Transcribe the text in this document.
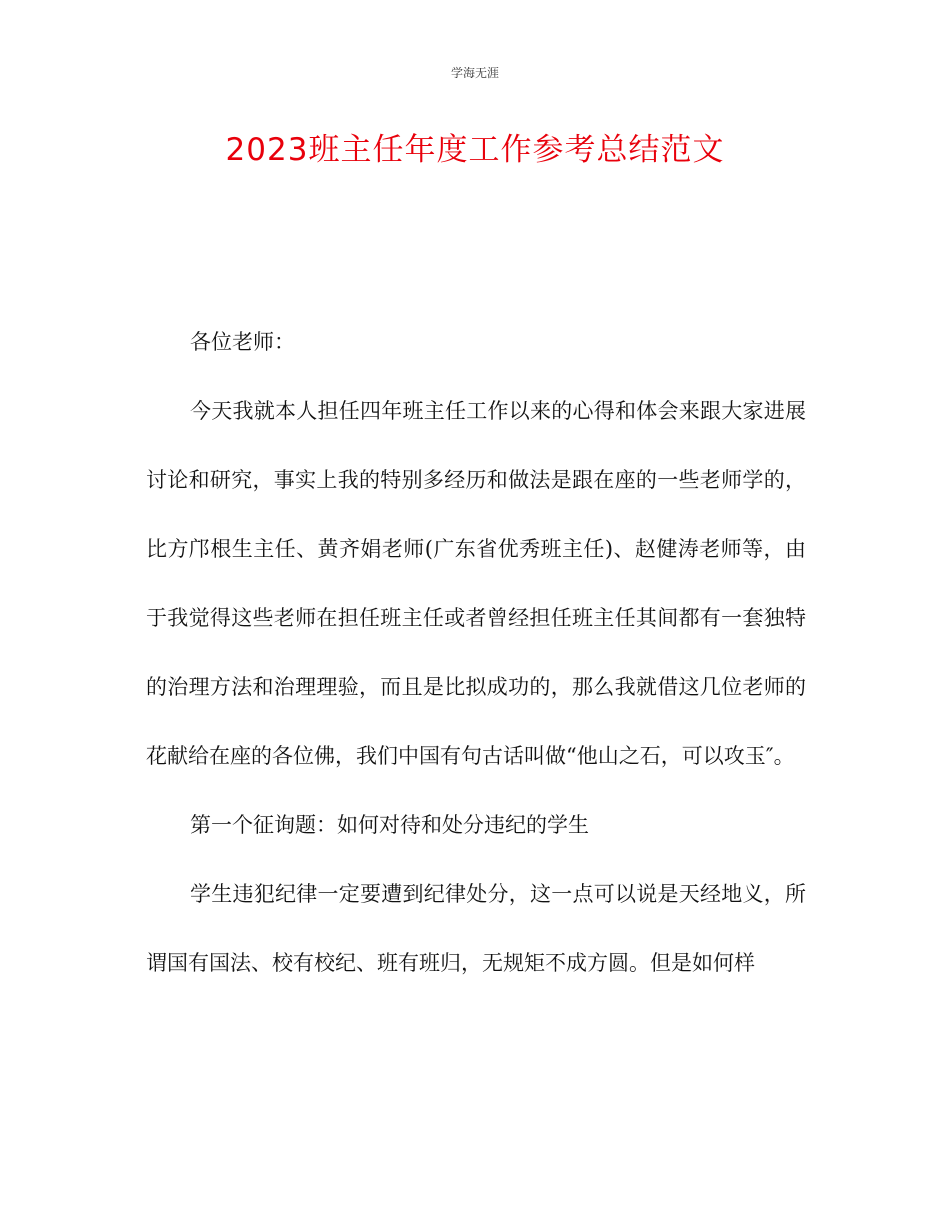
学海无涯
2023班主任年度工作参考总结范文

各位老师：

今天我就本人担任四年班主任工作以来的心得和体会来跟大家进展讨论和研究，事实上我的特别多经历和做法是跟在座的一些老师学的，比方邝根生主任、黄齐娟老师(广东省优秀班主任)、赵健涛老师等，由于我觉得这些老师在担任班主任或者曾经担任班主任其间都有一套独特的治理方法和治理理验，而且是比拟成功的，那么我就借这几位老师的花献给在座的各位佛，我们中国有句古话叫做“他山之石，可以攻玉″。

第一个征询题：如何对待和处分违纪的学生

学生违犯纪律一定要遭到纪律处分，这一点可以说是天经地义，所谓国有国法、校有校纪、班有班归，无规矩不成方圆。但是如何样
